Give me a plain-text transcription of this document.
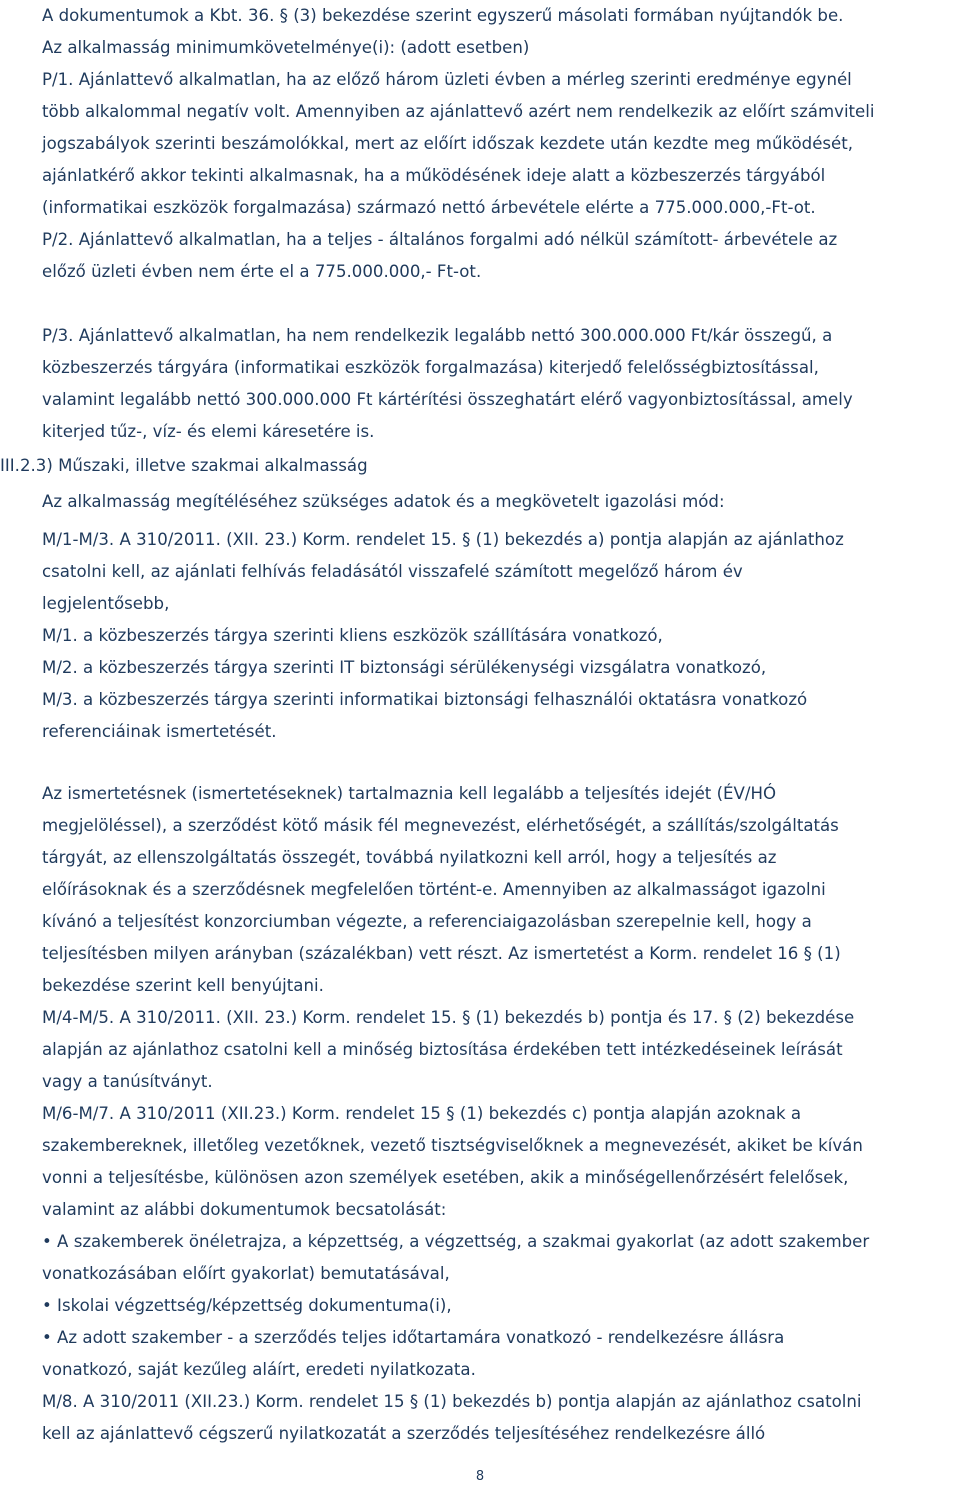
A dokumentumok a Kbt. 36. § (3) bekezdése szerint egyszerű másolati formában nyújtandók be.
Az alkalmasság minimumkövetelménye(i): (adott esetben)
P/1. Ajánlattevő alkalmatlan, ha az előző három üzleti évben a mérleg szerinti eredménye egynél
több alkalommal negatív volt. Amennyiben az ajánlattevő azért nem rendelkezik az előírt számviteli
jogszabályok szerinti beszámolókkal, mert az előírt időszak kezdete után kezdte meg működését,
ajánlatkérő akkor tekinti alkalmasnak, ha a működésének ideje alatt a közbeszerzés tárgyából
(informatikai eszközök forgalmazása) származó nettó árbevétele elérte a 775.000.000,-Ft-ot.
P/2. Ajánlattevő alkalmatlan, ha a teljes - általános forgalmi adó nélkül számított- árbevétele az
előző üzleti évben nem érte el a 775.000.000,- Ft-ot.
P/3. Ajánlattevő alkalmatlan, ha nem rendelkezik legalább nettó 300.000.000 Ft/kár összegű, a
közbeszerzés tárgyára (informatikai eszközök forgalmazása) kiterjedő felelősségbiztosítással,
valamint legalább nettó 300.000.000 Ft kártérítési összeghatárt elérő vagyonbiztosítással, amely
kiterjed tűz-, víz- és elemi káresetére is.
III.2.3) Műszaki, illetve szakmai alkalmasság
Az alkalmasság megítéléséhez szükséges adatok és a megkövetelt igazolási mód:
M/1-M/3. A 310/2011. (XII. 23.) Korm. rendelet 15. § (1) bekezdés a) pontja alapján az ajánlathoz
csatolni kell, az ajánlati felhívás feladásától visszafelé számított megelőző három év
legjelentősebb,
M/1. a közbeszerzés tárgya szerinti kliens eszközök szállítására vonatkozó,
M/2. a közbeszerzés tárgya szerinti IT biztonsági sérülékenységi vizsgálatra vonatkozó,
M/3. a közbeszerzés tárgya szerinti informatikai biztonsági felhasználói oktatásra vonatkozó
referenciáinak ismertetését.
Az ismertetésnek (ismertetéseknek) tartalmaznia kell legalább a teljesítés idejét (ÉV/HÓ
megjelöléssel), a szerződést kötő másik fél megnevezést, elérhetőségét, a szállítás/szolgáltatás
tárgyát, az ellenszolgáltatás összegét, továbbá nyilatkozni kell arról, hogy a teljesítés az
előírásoknak és a szerződésnek megfelelően történt-e. Amennyiben az alkalmasságot igazolni
kívánó a teljesítést konzorciumban végezte, a referenciaigazolásban szerepelnie kell, hogy a
teljesítésben milyen arányban (százalékban) vett részt. Az ismertetést a Korm. rendelet 16 § (1)
bekezdése szerint kell benyújtani.
M/4-M/5. A 310/2011. (XII. 23.) Korm. rendelet 15. § (1) bekezdés b) pontja és 17. § (2) bekezdése
alapján az ajánlathoz csatolni kell a minőség biztosítása érdekében tett intézkedéseinek leírását
vagy a tanúsítványt.
M/6-M/7. A 310/2011 (XII.23.) Korm. rendelet 15 § (1) bekezdés c) pontja alapján azoknak a
szakembereknek, illetőleg vezetőknek, vezető tisztségviselőknek a megnevezését, akiket be kíván
vonni a teljesítésbe, különösen azon személyek esetében, akik a minőségellenőrzésért felelősek,
valamint az alábbi dokumentumok becsatolását:
• A szakemberek önéletrajza, a képzettség, a végzettség, a szakmai gyakorlat (az adott szakember
vonatkozásában előírt gyakorlat) bemutatásával,
• Iskolai végzettség/képzettség dokumentuma(i),
• Az adott szakember - a szerződés teljes időtartamára vonatkozó - rendelkezésre állásra
vonatkozó, saját kezűleg aláírt, eredeti nyilatkozata.
M/8. A 310/2011 (XII.23.) Korm. rendelet 15 § (1) bekezdés b) pontja alapján az ajánlathoz csatolni
kell az ajánlattevő cégszerű nyilatkozatát a szerződés teljesítéséhez rendelkezésre álló
8
